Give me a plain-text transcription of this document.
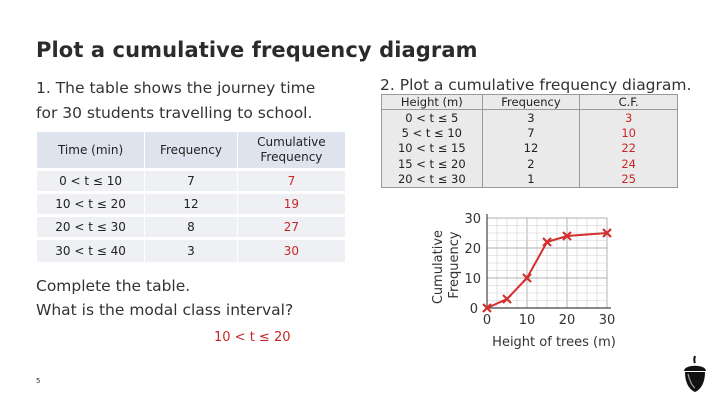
Plot a cumulative frequency diagram
1. The table shows the journey time
for 30 students travelling to school.
Time (min)	Frequency	Cumulative Frequency
0 < t ≤ 10	7	7
10 < t ≤ 20	12	19
20 < t ≤ 30	8	27
30 < t ≤ 40	3	30
Complete the table.
What is the modal class interval?
10 < t ≤ 20
5
2. Plot a cumulative frequency diagram.
Height (m)	Frequency	C.F.
0 < t ≤ 5	3	3
5 < t ≤ 10	7	10
10 < t ≤ 15	12	22
15 < t ≤ 20	2	24
20 < t ≤ 30	1	25
0 10 20 30
10
20
30
0
Height of trees (m)
Cumulative Frequency
